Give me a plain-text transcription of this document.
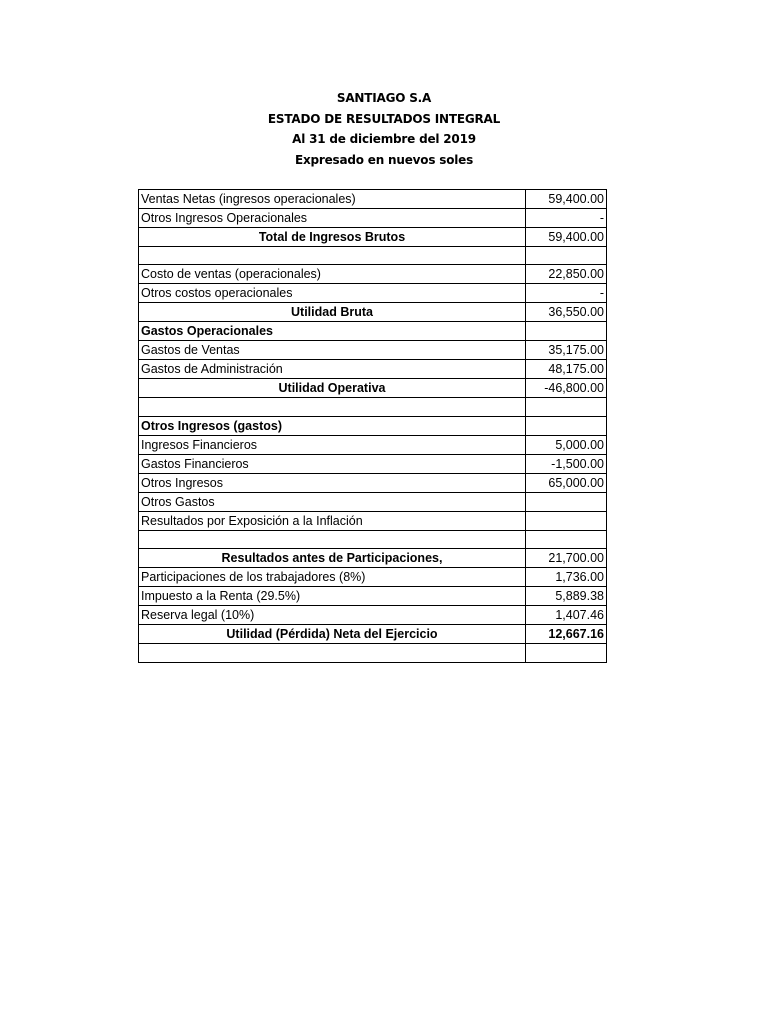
SANTIAGO S.A
ESTADO DE RESULTADOS INTEGRAL
Al 31 de diciembre del 2019
Expresado en nuevos soles
Ventas Netas (ingresos operacionales)	59,400.00
Otros Ingresos Operacionales	-
Total de Ingresos Brutos	59,400.00

Costo de ventas (operacionales)	22,850.00
Otros costos operacionales	-
Utilidad Bruta	36,550.00
Gastos Operacionales	
Gastos de Ventas	35,175.00
Gastos de Administración	48,175.00
Utilidad Operativa	-46,800.00

Otros Ingresos (gastos)	
Ingresos Financieros	5,000.00
Gastos Financieros	-1,500.00
Otros Ingresos	65,000.00
Otros Gastos	
Resultados por Exposición a la Inflación	

Resultados antes de Participaciones,	21,700.00
Participaciones de los trabajadores (8%)	1,736.00
Impuesto a la Renta (29.5%)	5,889.38
Reserva legal (10%)	1,407.46
Utilidad (Pérdida) Neta del Ejercicio	12,667.16
